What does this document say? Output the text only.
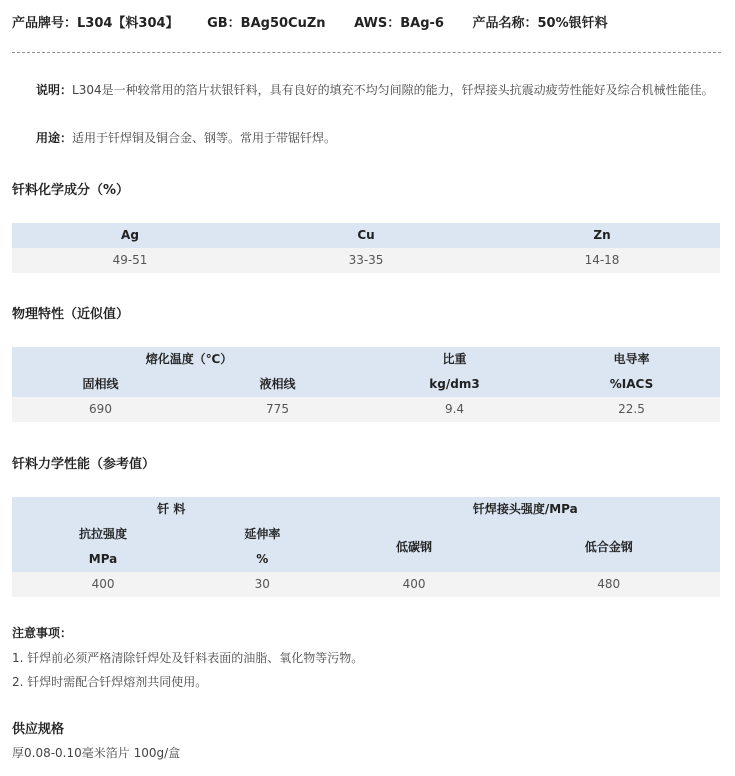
产品牌号：L304【料304】 GB：BAg50CuZn AWS：BAg-6 产品名称：50%银钎料
说明：L304是一种较常用的箔片状银钎料，具有良好的填充不均匀间隙的能力，钎焊接头抗震动疲劳性能好及综合机械性能佳。
用途：适用于钎焊铜及铜合金、钢等。常用于带锯钎焊。
钎料化学成分（%）
Ag	Cu	Zn
49-51	33-35	14-18
物理特性（近似值）
熔化温度（℃）		比重	电导率
固相线	液相线	kg/dm3	%IACS
690	775	9.4	22.5
钎料力学性能（参考值）
钎 料		钎焊接头强度/MPa	
抗拉强度	延伸率	低碳钢	低合金钢
MPa	%		
400	30	400	480
注意事项：
1. 钎焊前必须严格清除钎焊处及钎料表面的油脂、氧化物等污物。
2. 钎焊时需配合钎焊熔剂共同使用。
供应规格
厚0.08-0.10毫米箔片 100g/盒
